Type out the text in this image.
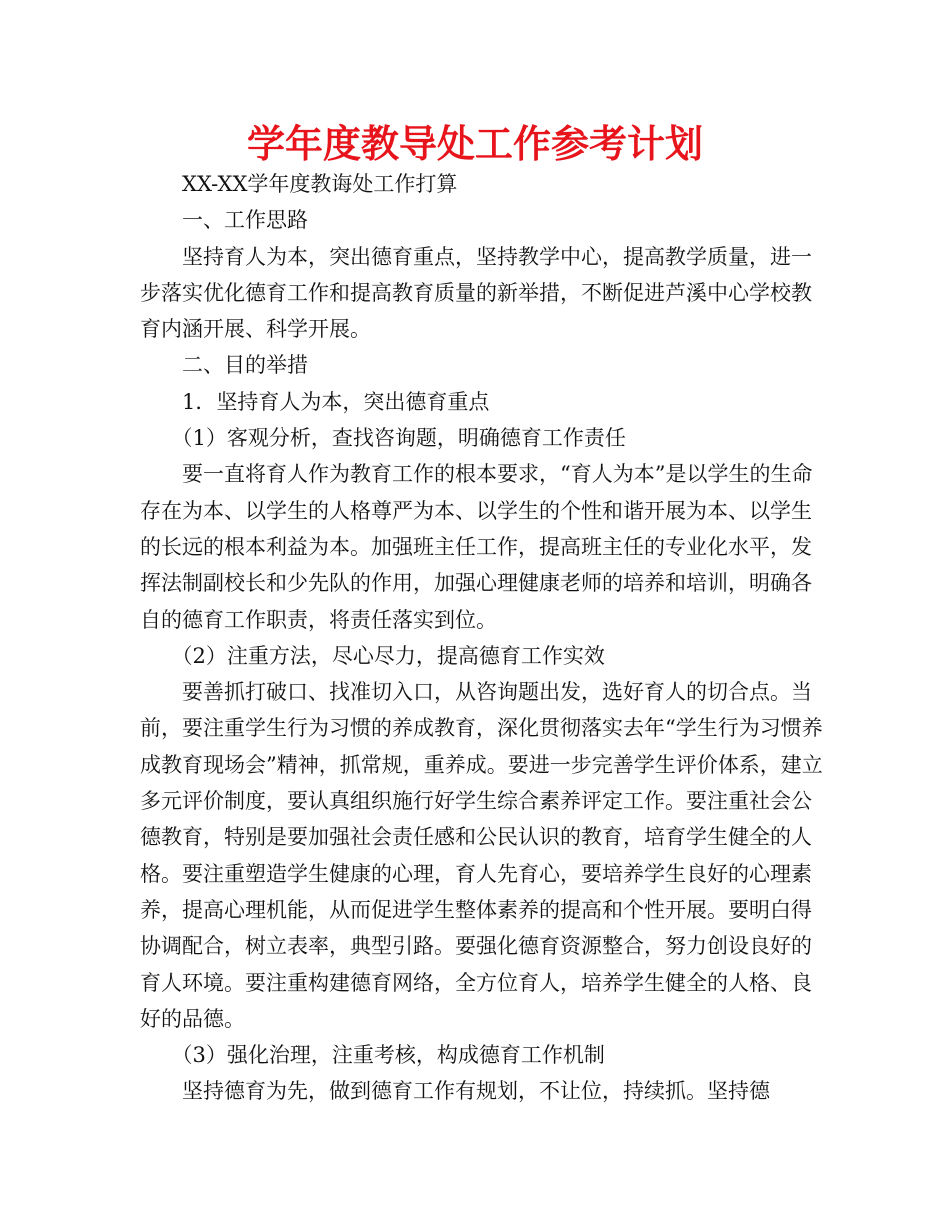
学年度教导处工作参考计划

XX-XX学年度教诲处工作打算

一、工作思路

坚持育人为本，突出德育重点，坚持教学中心，提高教学质量，进一步落实优化德育工作和提高教育质量的新举措，不断促进芦溪中心学校教育内涵开展、科学开展。

二、目的举措

1．坚持育人为本，突出德育重点

（1）客观分析，查找咨询题，明确德育工作责任

要一直将育人作为教育工作的根本要求，“育人为本”是以学生的生命存在为本、以学生的人格尊严为本、以学生的个性和谐开展为本、以学生的长远的根本利益为本。加强班主任工作，提高班主任的专业化水平，发挥法制副校长和少先队的作用，加强心理健康老师的培养和培训，明确各自的德育工作职责，将责任落实到位。

（2）注重方法，尽心尽力，提高德育工作实效

要善抓打破口、找准切入口，从咨询题出发，选好育人的切合点。当前，要注重学生行为习惯的养成教育，深化贯彻落实去年“学生行为习惯养成教育现场会”精神，抓常规，重养成。要进一步完善学生评价体系，建立多元评价制度，要认真组织施行好学生综合素养评定工作。要注重社会公德教育，特别是要加强社会责任感和公民认识的教育，培育学生健全的人格。要注重塑造学生健康的心理，育人先育心，要培养学生良好的心理素养，提高心理机能，从而促进学生整体素养的提高和个性开展。要明白得协调配合，树立表率，典型引路。要强化德育资源整合，努力创设良好的育人环境。要注重构建德育网络，全方位育人，培养学生健全的人格、良好的品德。

（3）强化治理，注重考核，构成德育工作机制

坚持德育为先，做到德育工作有规划，不让位，持续抓。坚持德
